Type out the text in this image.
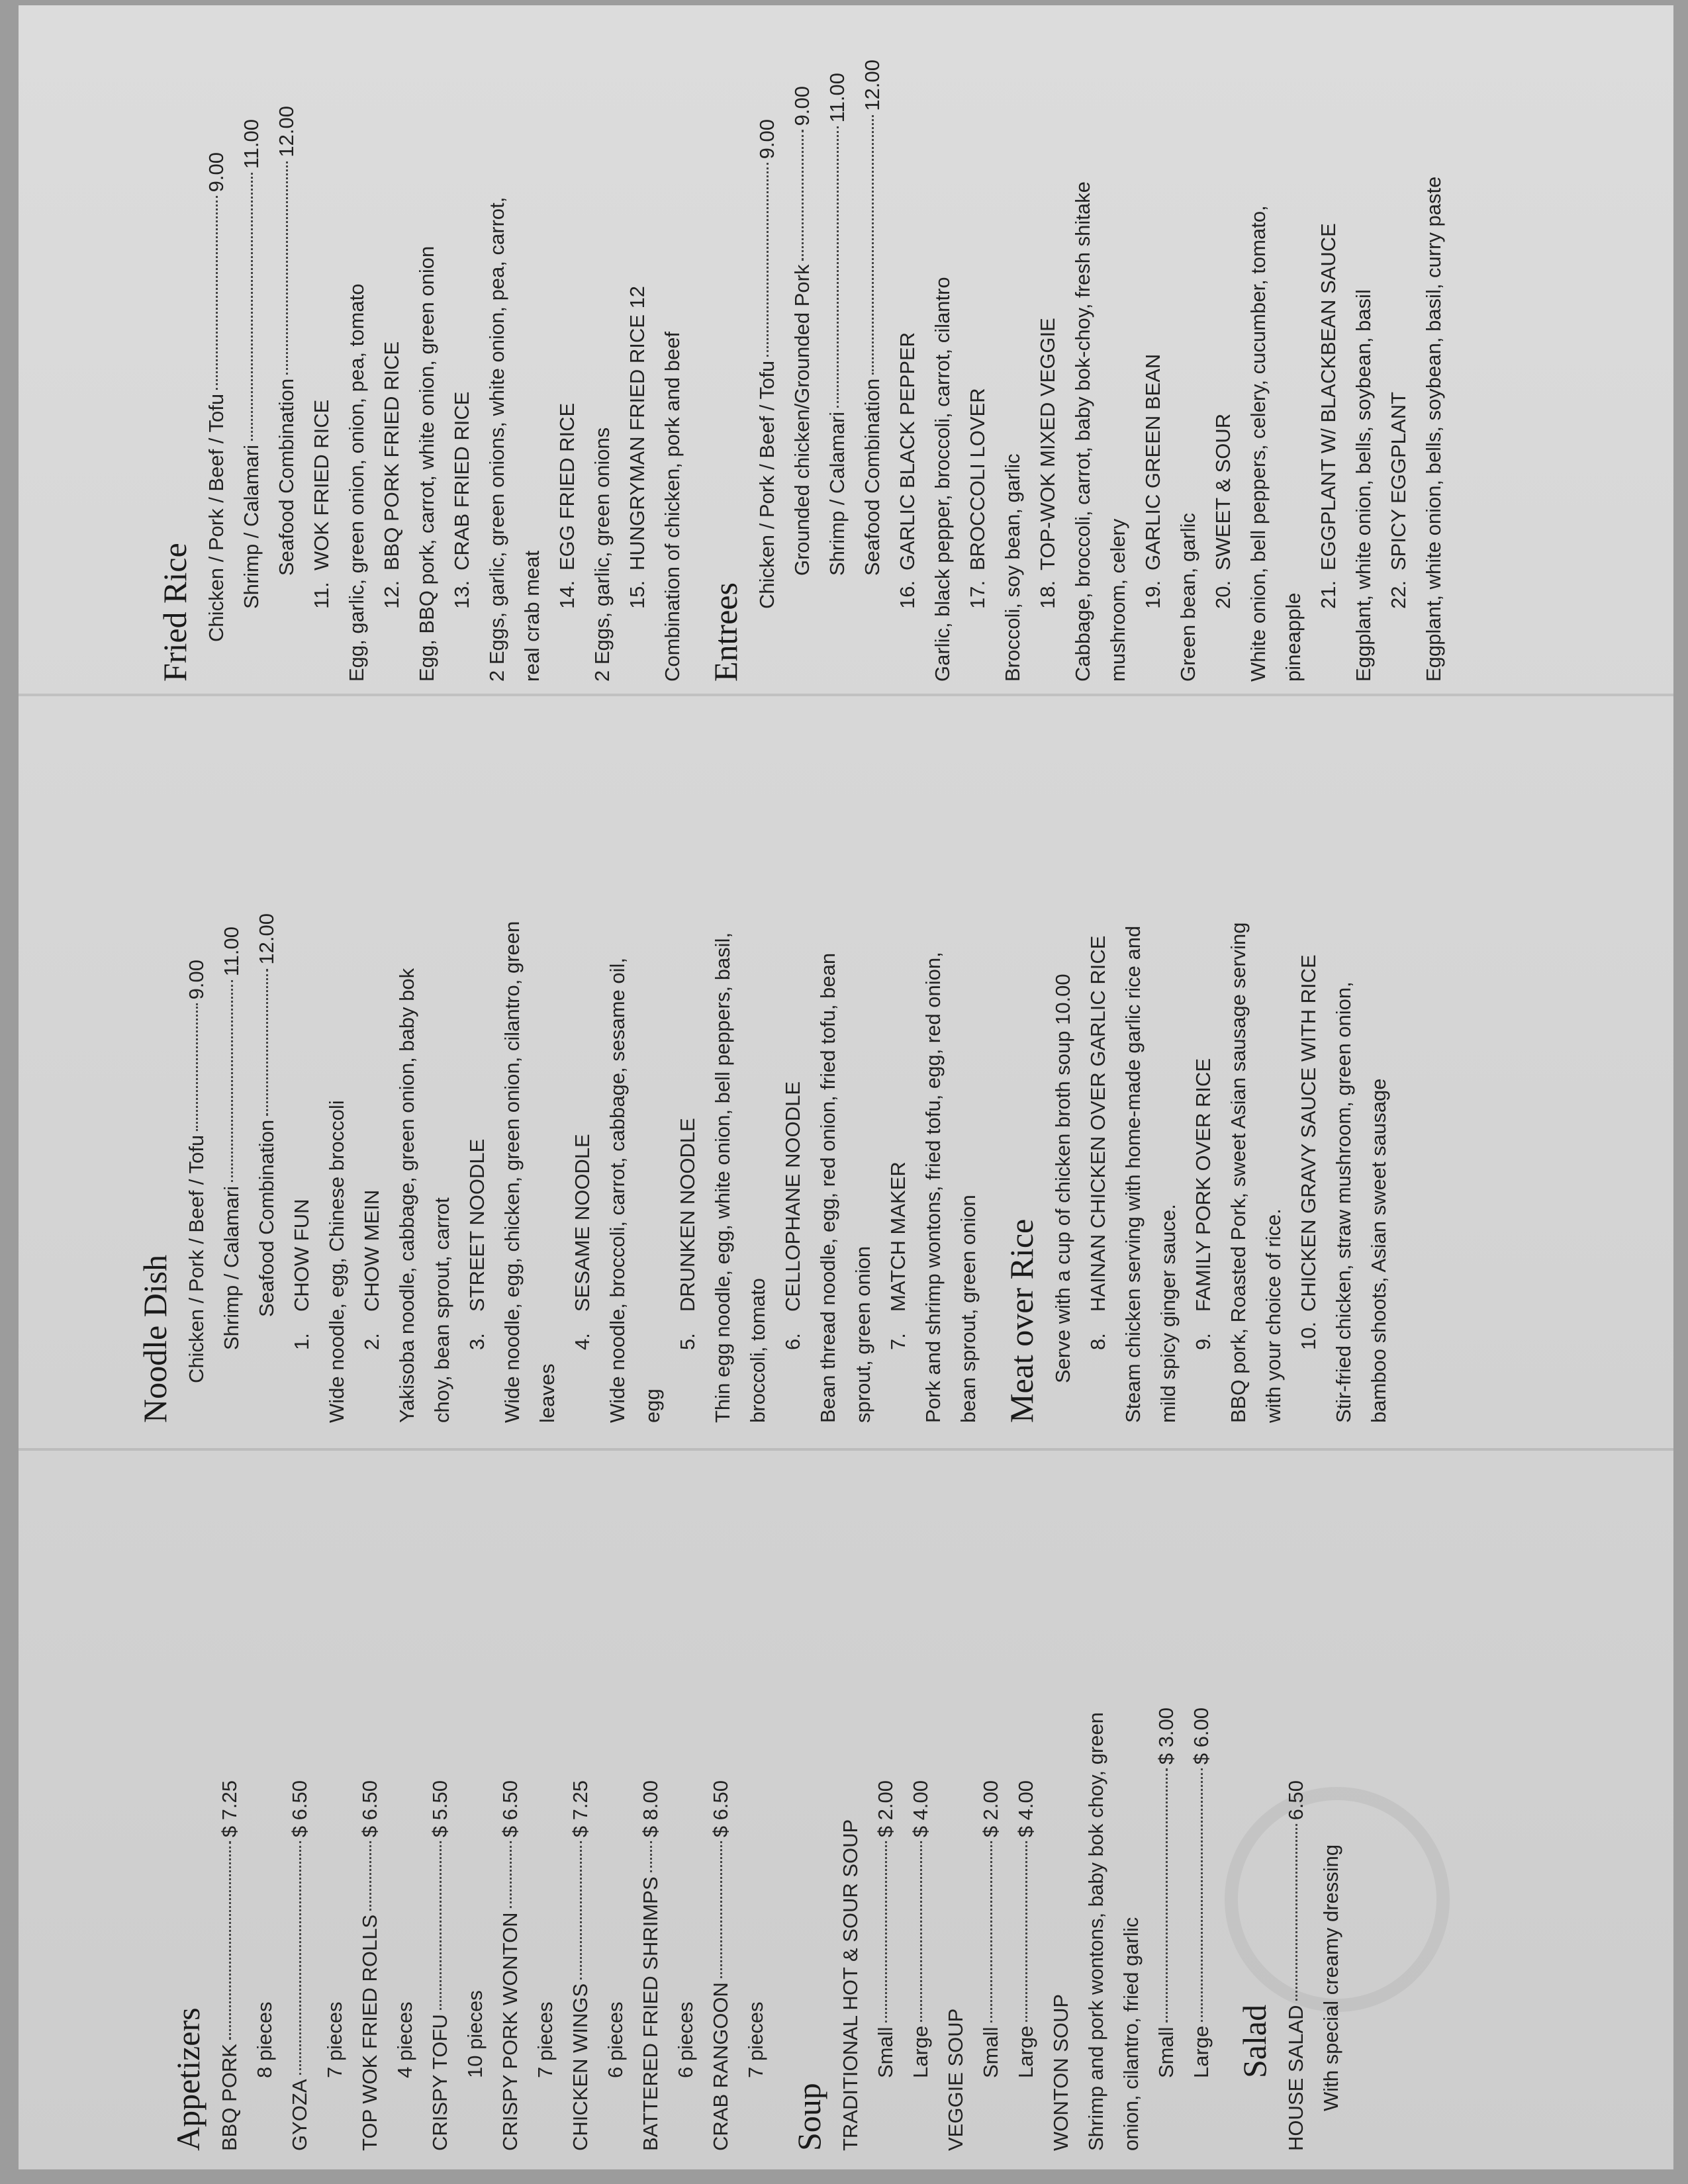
Appetizers BBQ PORK
$ 7.25
8 pieces
GYOZA
$ 6.50
7 pieces TOP WOK FRIED ROLLS
$ 6.50
4 pieces CRISPY TOFU
$ 5.50
10 pieces CRISPY PORK WONTON
$ 6.50
7 pieces CHICKEN WINGS
$ 7.25
6 pieces BATTERED FRIED SHRIMPS
$ 8.00
6 pieces CRAB RANGOON
$ 6.50
7 pieces
Soup TRADITIONAL HOT & SOUR SOUP Small
$ 2.00
Large
$ 4.00
VEGGIE SOUP Small
$ 2.00
Large
$ 4.00
WONTON SOUP Shrimp and pork wontons, baby bok choy, green onion, cilantro, fried garlic Small
$ 3.00
Large
$ 6.00
Salad HOUSE SALAD
6.50
With special creamy dressing
Noodle Dish Chicken / Pork / Beef / Tofu
9.00
Shrimp / Calamari
11.00
Seafood Combination
12.00
1.CHOW FUN Wide noodle, egg, Chinese broccoli 2.CHOW MEIN Yakisoba noodle, cabbage, green onion, baby bok choy, bean sprout, carrot 3.STREET NOODLE Wide noodle, egg, chicken, green onion, cilantro, green leaves
4.SESAME NOODLE Wide noodle, broccoli, carrot, cabbage, sesame oil, egg
5.DRUNKEN NOODLE Thin egg noodle, egg, white onion, bell peppers, basil, broccoli, tomato 6.CELLOPHANE NOODLE Bean thread noodle, egg, red onion, fried tofu, bean sprout, green onion 7.MATCH MAKER Pork and shrimp wontons, fried tofu, egg, red onion, bean sprout, green onion Meat over Rice Serve with a cup of chicken broth soup 10.00 8.HAINAN CHICKEN OVER GARLIC RICE Steam chicken serving with home-made garlic rice and mild spicy ginger sauce. 9.FAMILY PORK OVER RICE BBQ pork, Roasted Pork, sweet Asian sausage serving with your choice of rice. 10.CHICKEN GRAVY SAUCE WITH RICE Stir-fried chicken, straw mushroom, green onion, bamboo shoots, Asian sweet sausage
Fried Rice Chicken / Pork / Beef / Tofu
9.00
Shrimp / Calamari
11.00
Seafood Combination
12.00
11.WOK FRIED RICE Egg, garlic, green onion, onion, pea, tomato 12.BBQ PORK FRIED RICE Egg, BBQ pork, carrot, white onion, green onion 13.CRAB FRIED RICE 2 Eggs, garlic, green onions, white onion, pea, carrot, real crab meat 14.EGG FRIED RICE 2 Eggs, garlic, green onions 15.HUNGRYMAN FRIED RICE 12 Combination of chicken, pork and beef Entrees
Chicken / Pork / Beef / Tofu
9.00
Grounded chicken/Grounded Pork
9.00
Shrimp / Calamari
11.00
Seafood Combination
12.00
16.GARLIC BLACK PEPPER Garlic, black pepper, broccoli, carrot, cilantro 17.BROCCOLI LOVER Broccoli, soy bean, garlic 18.TOP-WOK MIXED VEGGIE Cabbage, broccoli, carrot, baby bok-choy, fresh shitake mushroom, celery 19.GARLIC GREEN BEAN
Green bean, garlic 20.SWEET & SOUR White onion, bell peppers, celery, cucumber, tomato, pineapple 21.EGGPLANT W/ BLACKBEAN SAUCE Eggplant, white onion, bells, soybean, basil 22.SPICY EGGPLANT Eggplant, white onion, bells, soybean, basil, curry paste
